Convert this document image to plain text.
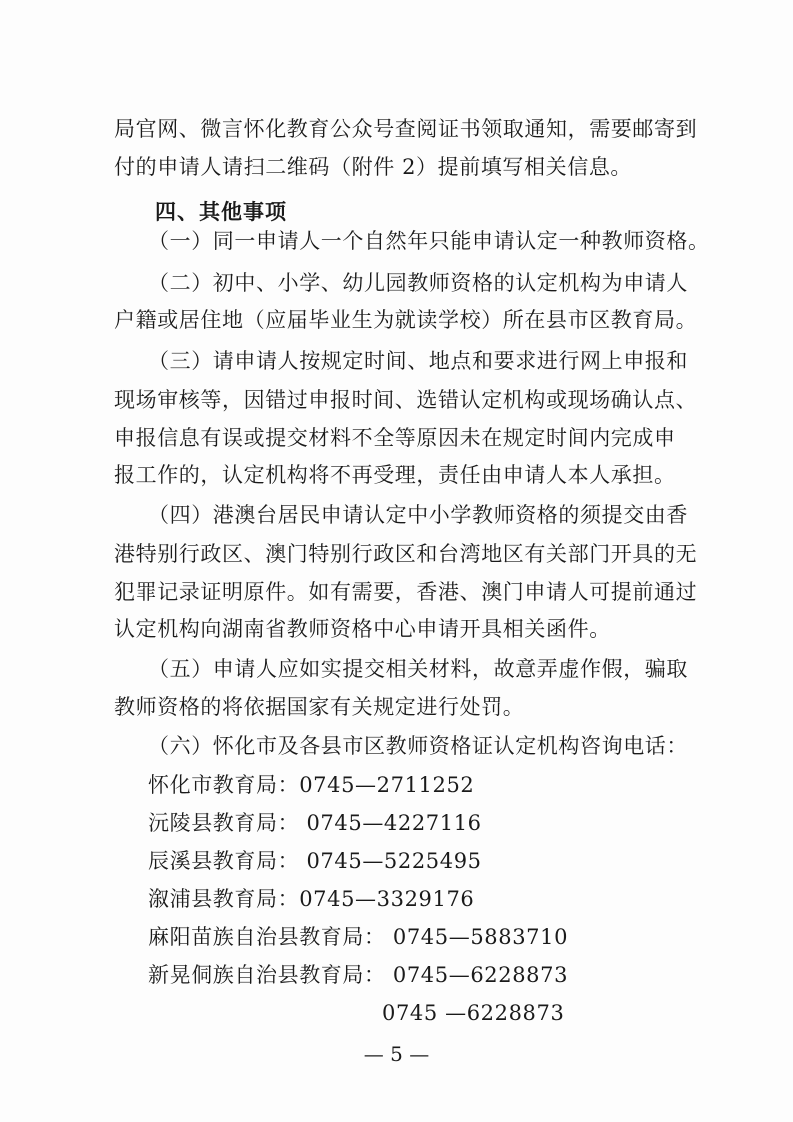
局官网、微言怀化教育公众号查阅证书领取通知，需要邮寄到
付的申请人请扫二维码（附件 2）提前填写相关信息。
四、其他事项
（一）同一申请人一个自然年只能申请认定一种教师资格。
（二）初中、小学、幼儿园教师资格的认定机构为申请人
户籍或居住地（应届毕业生为就读学校）所在县市区教育局。
（三）请申请人按规定时间、地点和要求进行网上申报和
现场审核等，因错过申报时间、选错认定机构或现场确认点、
申报信息有误或提交材料不全等原因未在规定时间内完成申
报工作的，认定机构将不再受理，责任由申请人本人承担。
（四）港澳台居民申请认定中小学教师资格的须提交由香
港特别行政区、澳门特别行政区和台湾地区有关部门开具的无
犯罪记录证明原件。如有需要，香港、澳门申请人可提前通过
认定机构向湖南省教师资格中心申请开具相关函件。
（五）申请人应如实提交相关材料，故意弄虚作假，骗取
教师资格的将依据国家有关规定进行处罚。
（六）怀化市及各县市区教师资格证认定机构咨询电话：
怀化市教育局：0745—2711252
沅陵县教育局： 0745—4227116
辰溪县教育局： 0745—5225495
溆浦县教育局：0745—3329176
麻阳苗族自治县教育局： 0745—5883710
新晃侗族自治县教育局： 0745—6228873
0745 —6228873
— 5 —
